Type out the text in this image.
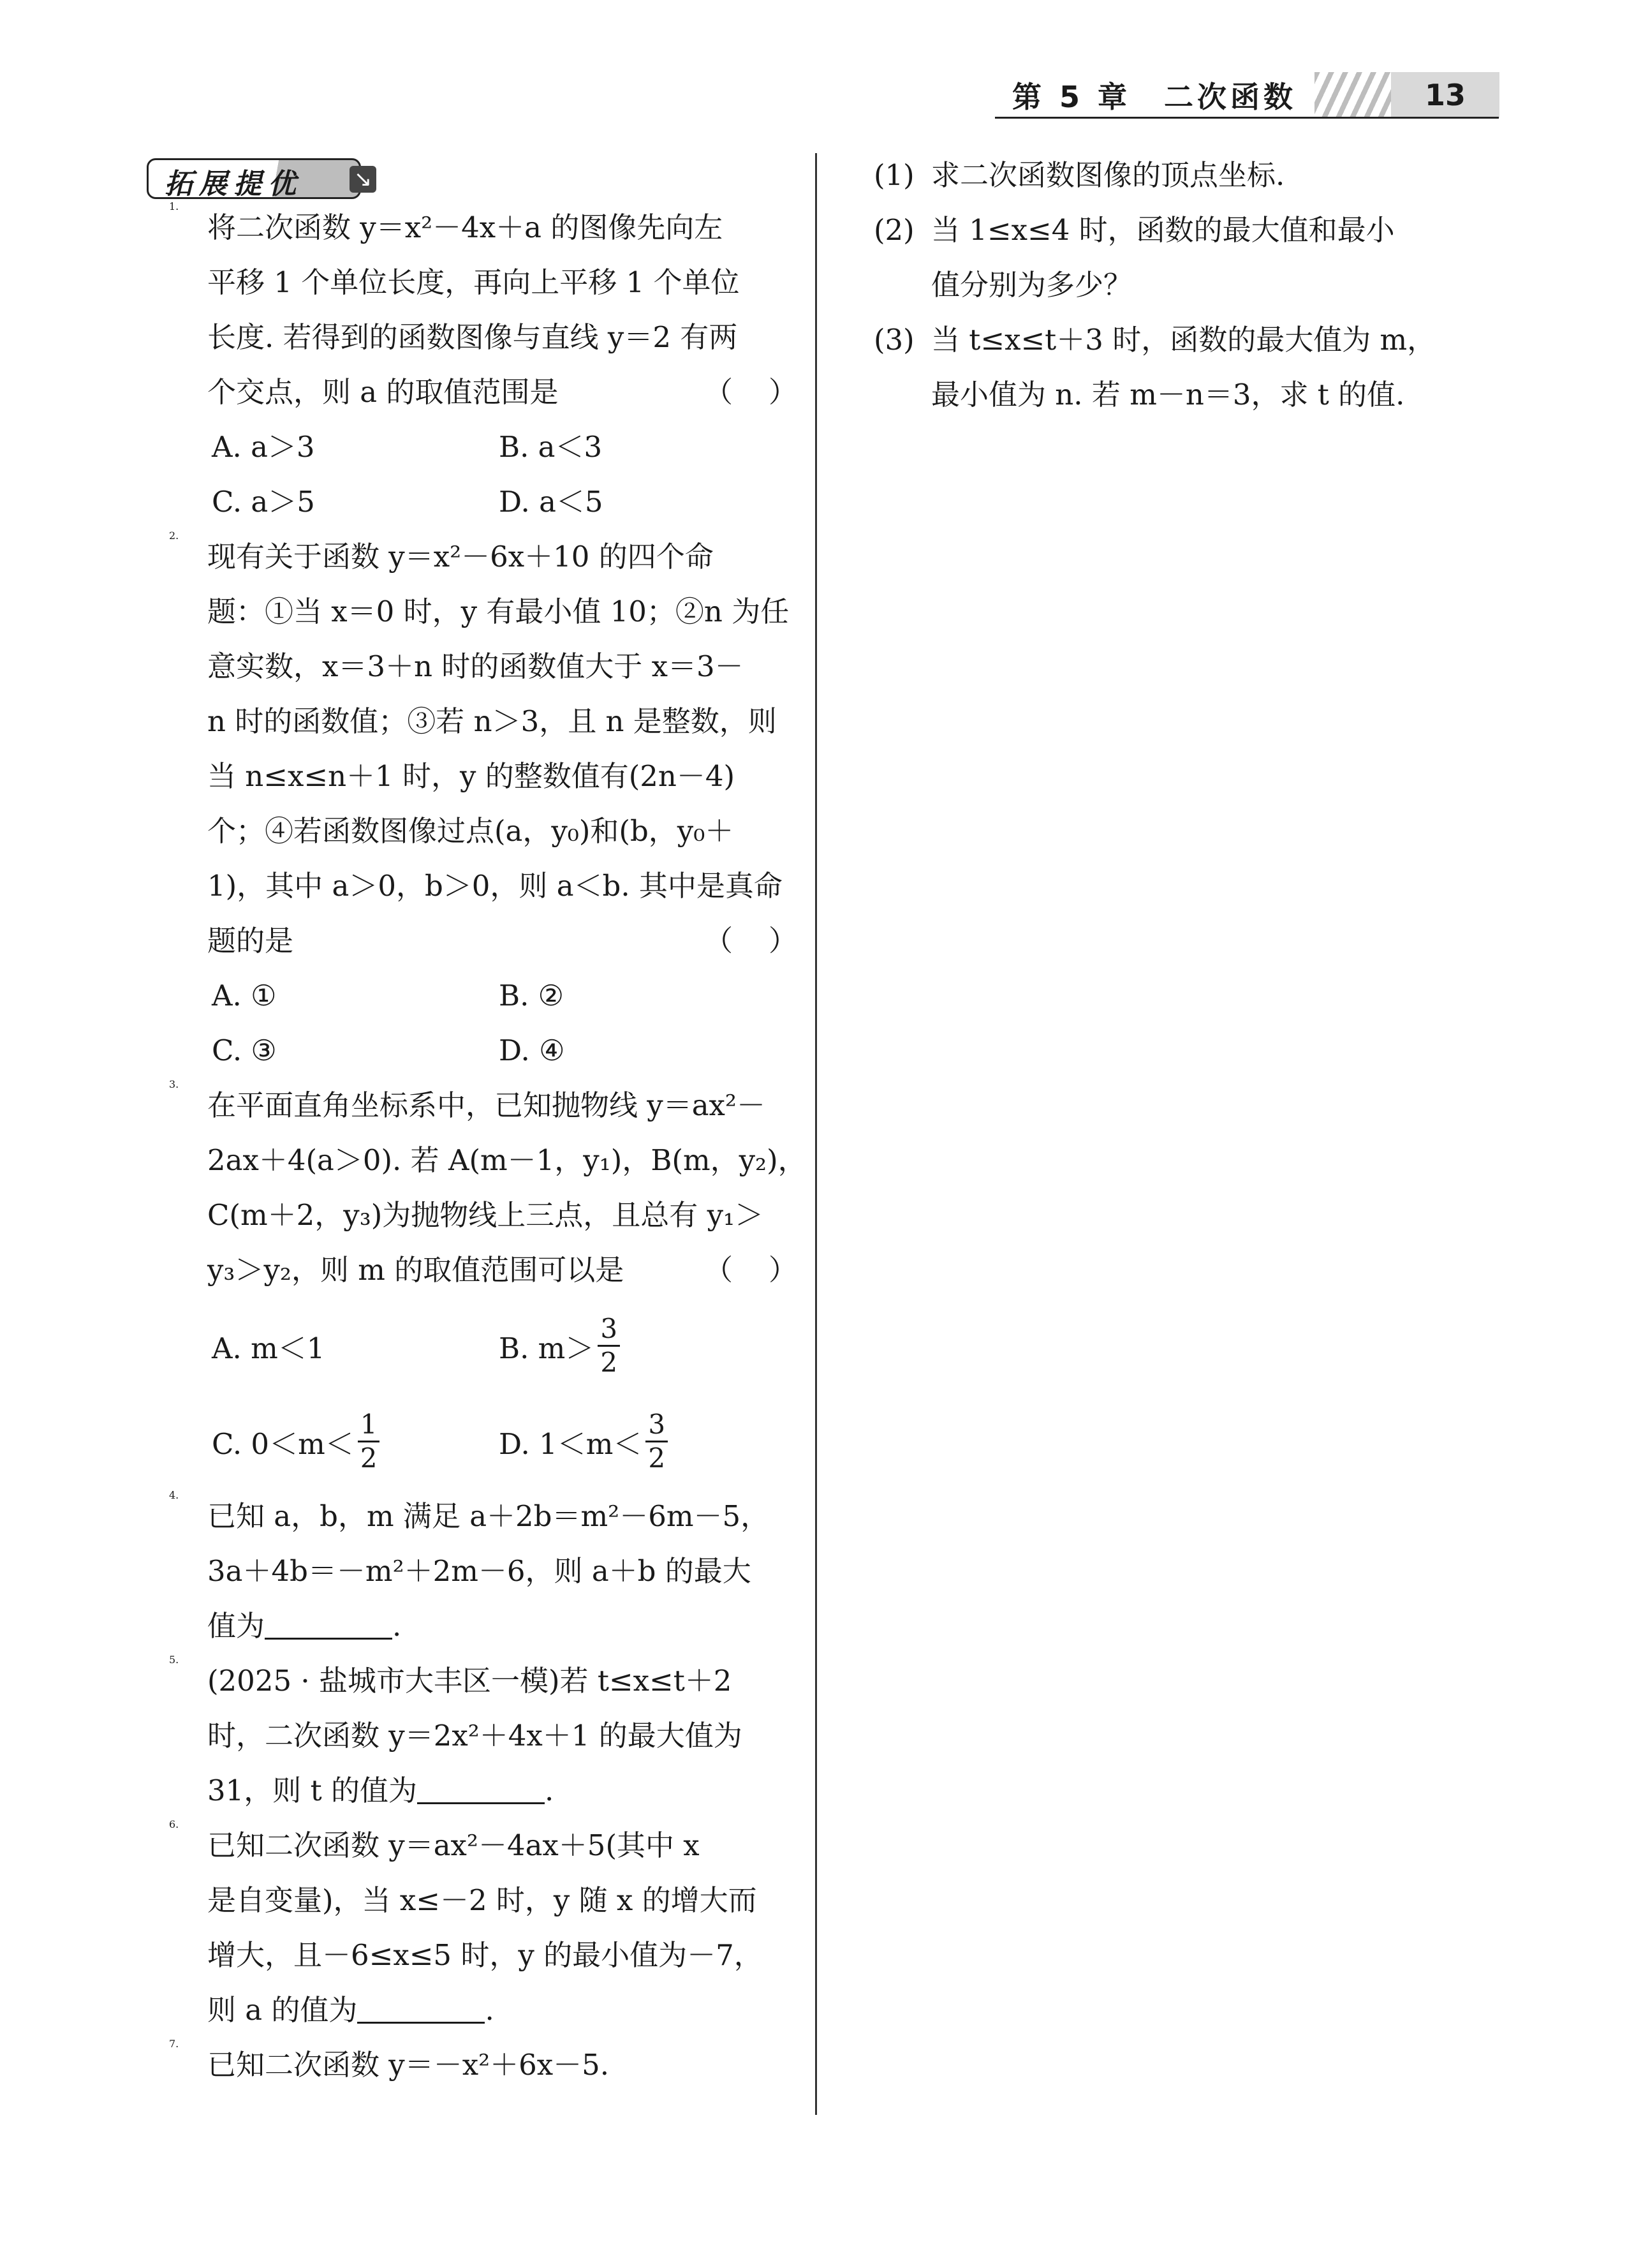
第 5 章　二次函数	13
拓展提优 ↘
1.
将二次函数 y＝x²－4x＋a 的图像先向左
平移 1 个单位长度，再向上平移 1 个单位
长度. 若得到的函数图像与直线 y＝2 有两
个交点，则 a 的取值范围是	（）
A. a＞3	B. a＜3
C. a＞5	D. a＜5
2.
现有关于函数 y＝x²－6x＋10 的四个命
题：①当 x＝0 时，y 有最小值 10；②n 为任
意实数，x＝3＋n 时的函数值大于 x＝3－
n 时的函数值；③若 n＞3，且 n 是整数，则
当 n≤x≤n＋1 时，y 的整数值有(2n－4)
个；④若函数图像过点(a，y₀)和(b，y₀＋
1)，其中 a＞0，b＞0，则 a＜b. 其中是真命
题的是	（）
A. ①	B. ②
C. ③	D. ④
3.
在平面直角坐标系中，已知抛物线 y＝ax²－
2ax＋4(a＞0). 若 A(m－1，y₁)，B(m，y₂)，
C(m＋2，y₃)为抛物线上三点，且总有 y₁＞
y₃＞y₂，则 m 的取值范围可以是	（）
A. m＜1	B. $m> \frac{3}{2}$
C. $0<m< \frac{1}{2}$	D. $1<m< \frac{3}{2}$
4.
已知 a，b，m 满足 a＋2b＝m²－6m－5，
3a＋4b＝－m²＋2m－6，则 a＋b 的最大
值为	.
5.
(2025 · 盐城市大丰区一模)若 t≤x≤t＋2
时，二次函数 y＝2x²＋4x＋1 的最大值为
31，则 t 的值为	.
6.
已知二次函数 y＝ax²－4ax＋5(其中 x
是自变量)，当 x≤－2 时，y 随 x 的增大而
增大，且－6≤x≤5 时，y 的最小值为－7，
则 a 的值为	.
7.
已知二次函数 y＝－x²＋6x－5.
(1) 求二次函数图像的顶点坐标.
(2) 当 1≤x≤4 时，函数的最大值和最小
值分别为多少？
(3) 当 t≤x≤t＋3 时，函数的最大值为 m，
最小值为 n. 若 m－n＝3，求 t 的值.
